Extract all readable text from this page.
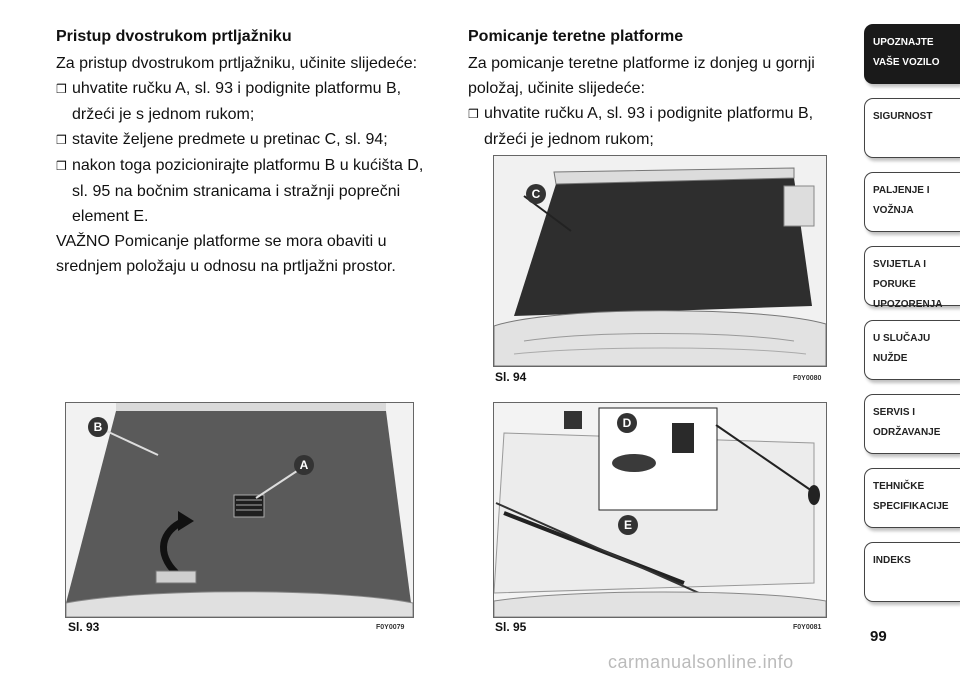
Pristup dvostrukom prtljažniku

Za pristup dvostrukom prtljažniku, učinite slijedeće:

❒ uhvatite ručku A, sl. 93 i podignite platformu B, držeći je s jednom rukom;

❒ stavite željene predmete u pretinac C, sl. 94;

❒ nakon toga pozicionirajte platformu B u kućišta D, sl. 95 na bočnim stranicama i stražnji poprečni element E.

VAŽNO Pomicanje platforme se mora obaviti u srednjem položaju u odnosu na prtljažni prostor.

Pomicanje teretne platforme

Za pomicanje teretne platforme iz donjeg u gornji položaj, učinite slijedeće:

❒ uhvatite ručku A, sl. 93 i podignite platformu B, držeći je jednom rukom;

C
Sl. 94	F0Y0080
B
A
Sl. 93	F0Y0079
D
E
Sl. 95	F0Y0081
UPOZNAJTE
VAŠE VOZILO
SIGURNOST
PALJENJE I
VOŽNJA
SVIJETLA I PORUKE
UPOZORENJA
U SLUČAJU
NUŽDE
SERVIS I
ODRŽAVANJE
TEHNIČKE
SPECIFIKACIJE
INDEKS
99
carmanualsonline.info
